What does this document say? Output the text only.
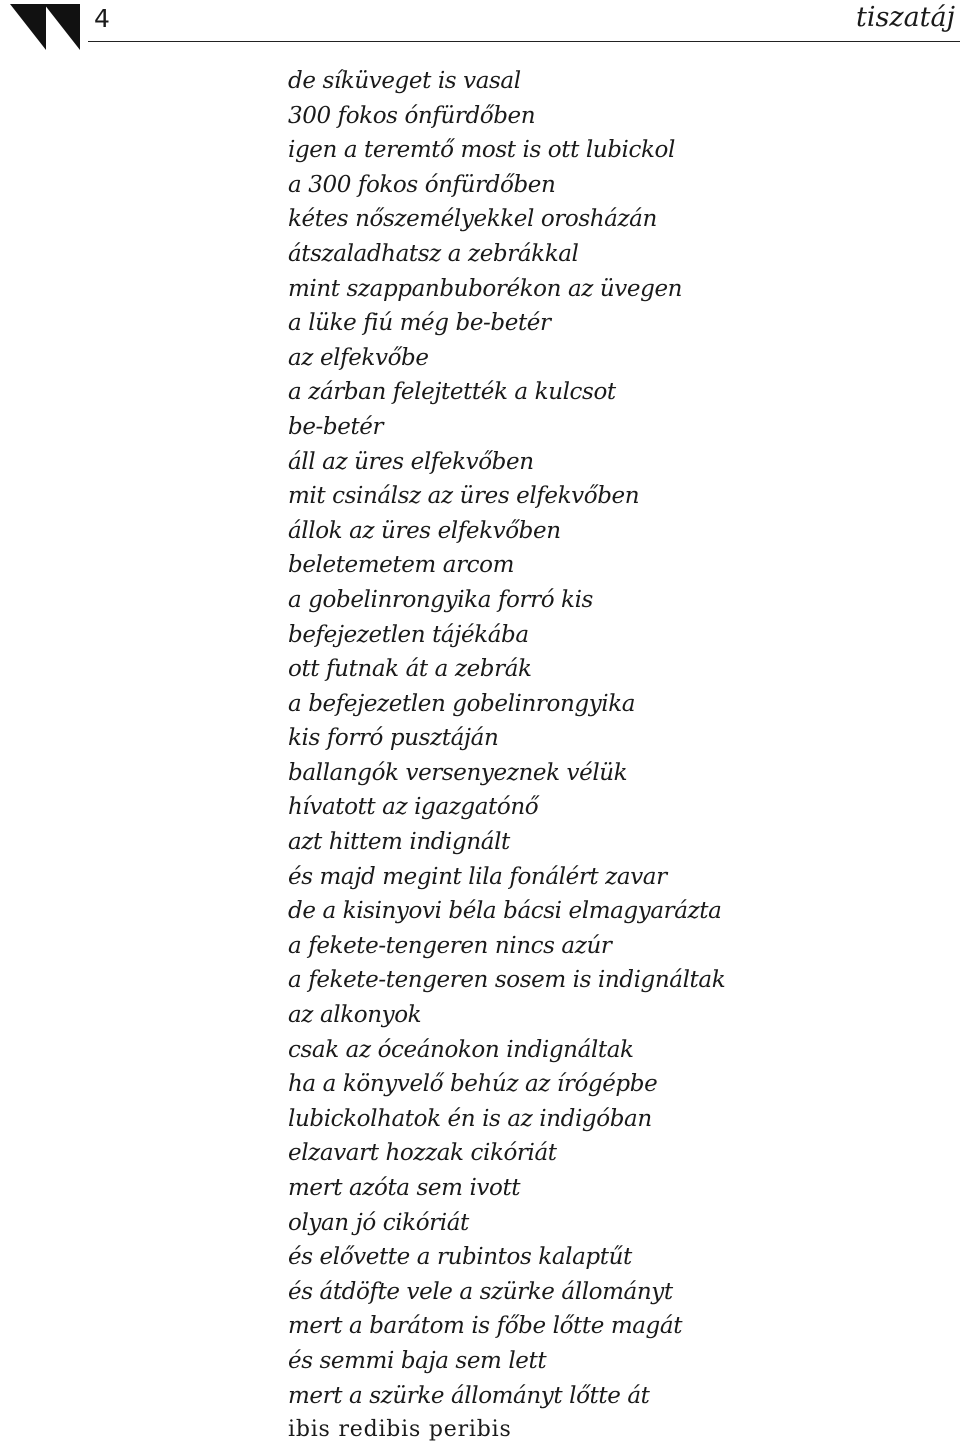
4	tiszatáj
de síküveget is vasal
300 fokos ónfürdőben
igen a teremtő most is ott lubickol
a 300 fokos ónfürdőben
kétes nőszemélyekkel orosházán
átszaladhatsz a zebrákkal
mint szappanbuborékon az üvegen
a lüke fiú még be-betér
az elfekvőbe
a zárban felejtették a kulcsot
be-betér
áll az üres elfekvőben
mit csinálsz az üres elfekvőben
állok az üres elfekvőben
beletemetem arcom
a gobelinrongyika forró kis
befejezetlen tájékába
ott futnak át a zebrák
a befejezetlen gobelinrongyika
kis forró pusztáján
ballangók versenyeznek vélük
hívatott az igazgatónő
azt hittem indignált
és majd megint lila fonálért zavar
de a kisinyovi béla bácsi elmagyarázta
a fekete-tengeren nincs azúr
a fekete-tengeren sosem is indignáltak
az alkonyok
csak az óceánokon indignáltak
ha a könyvelő behúz az írógépbe
lubickolhatok én is az indigóban
elzavart hozzak cikóriát
mert azóta sem ivott
olyan jó cikóriát
és elővette a rubintos kalaptűt
és átdöfte vele a szürke állományt
mert a barátom is főbe lőtte magát
és semmi baja sem lett
mert a szürke állományt lőtte át
ibis redibis peribis
